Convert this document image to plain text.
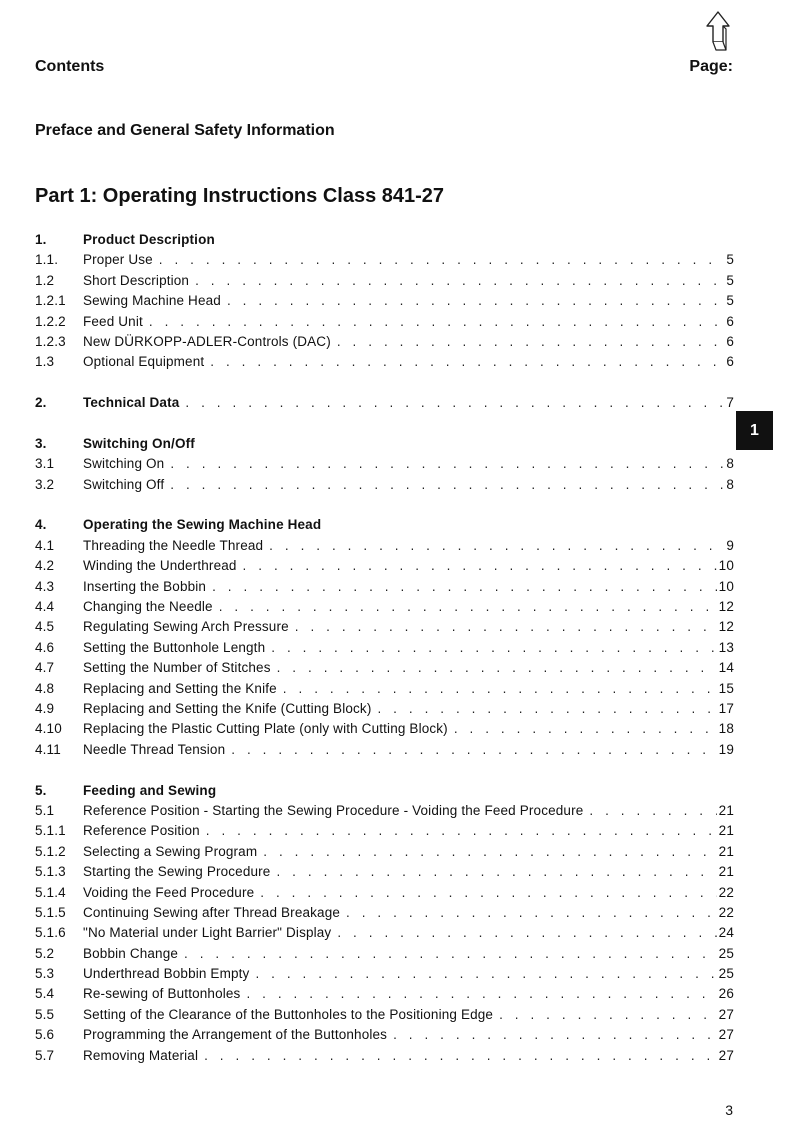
Contents	Page:
Preface and General Safety Information
Part 1: Operating Instructions Class 841-27
1
1.	Product Description
1.1.	Proper Use . . .	5
1.2	Short Description . . .	5
1.2.1	Sewing Machine Head . . .	5
1.2.2	Feed Unit . . .	6
1.2.3	New DÜRKOPP-ADLER-Controls (DAC) . . .	6
1.3	Optional Equipment . . .	6
2.	Technical Data . . .	7
3.	Switching On/Off
3.1	Switching On . . .	8
3.2	Switching Off . . .	8
4.	Operating the Sewing Machine Head
4.1	Threading the Needle Thread . . .	9
4.2	Winding the Underthread . . .	10
4.3	Inserting the Bobbin . . .	10
4.4	Changing the Needle . . .	12
4.5	Regulating Sewing Arch Pressure . . .	12
4.6	Setting the Buttonhole Length . . .	13
4.7	Setting the Number of Stitches . . .	14
4.8	Replacing and Setting the Knife . . .	15
4.9	Replacing and Setting the Knife (Cutting Block) . . .	17
4.10	Replacing the Plastic Cutting Plate (only with Cutting Block) . . .	18
4.11	Needle Thread Tension . . .	19
5.	Feeding and Sewing
5.1	Reference Position - Starting the Sewing Procedure - Voiding the Feed Procedure . . .	21
5.1.1	Reference Position . . .	21
5.1.2	Selecting a Sewing Program . . .	21
5.1.3	Starting the Sewing Procedure . . .	21
5.1.4	Voiding the Feed Procedure . . .	22
5.1.5	Continuing Sewing after Thread Breakage . . .	22
5.1.6	"No Material under Light Barrier" Display . . .	24
5.2	Bobbin Change . . .	25
5.3	Underthread Bobbin Empty . . .	25
5.4	Re-sewing of Buttonholes . . .	26
5.5	Setting of the Clearance of the Buttonholes to the Positioning Edge . . .	27
5.6	Programming the Arrangement of the Buttonholes . . .	27
5.7	Removing Material . . .	27
3
